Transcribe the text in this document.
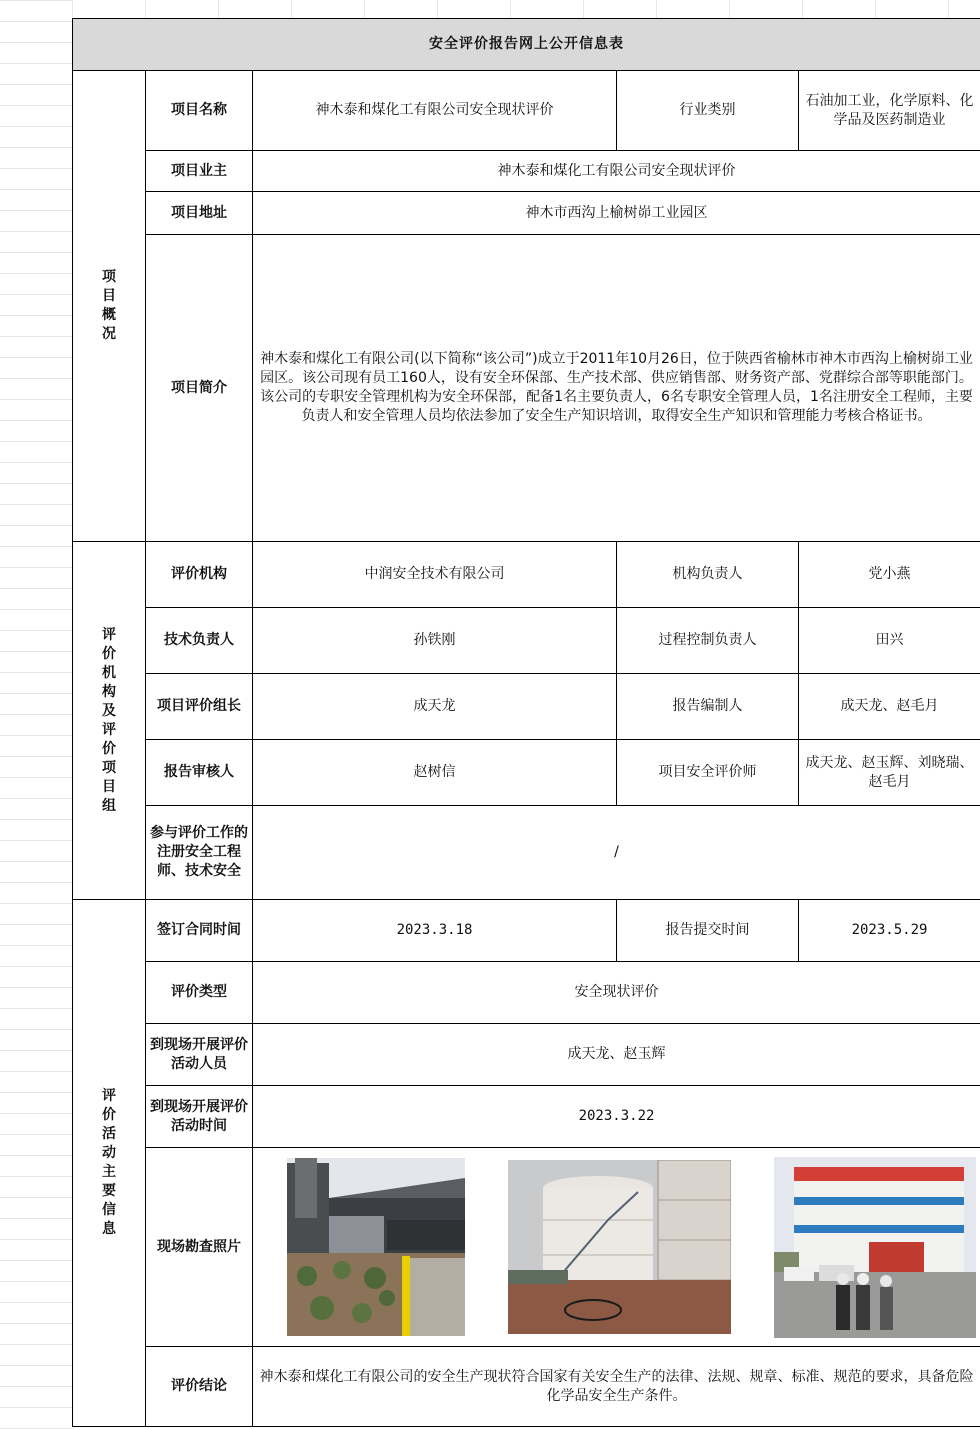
安全评价报告网上公开信息表				
项目概况	项目名称	神木泰和煤化工有限公司安全现状评价	行业类别	石油加工业，化学原料、化学品及医药制造业
	项目业主	神木泰和煤化工有限公司安全现状评价		
	项目地址	神木市西沟上榆树峁工业园区		
	项目简介	神木泰和煤化工有限公司(以下简称“该公司”)成立于2011年10月26日，位于陕西省榆林市神木市西沟上榆树峁工业园区。该公司现有员工160人，设有安全环保部、生产技术部、供应销售部、财务资产部、党群综合部等职能部门。该公司的专职安全管理机构为安全环保部，配备1名主要负责人，6名专职安全管理人员，1名注册安全工程师，主要负责人和安全管理人员均依法参加了安全生产知识培训，取得安全生产知识和管理能力考核合格证书。		
评价机构及评价项目组	评价机构	中润安全技术有限公司	机构负责人	党小燕
	技术负责人	孙铁刚	过程控制负责人	田兴
	项目评价组长	成天龙	报告编制人	成天龙、赵毛月
	报告审核人	赵树信	项目安全评价师	成天龙、赵玉辉、刘晓瑞、赵毛月
	参与评价工作的注册安全工程师、技术安全	/		
评价活动主要信息	签订合同时间	2023.3.18	报告提交时间	2023.5.29
	评价类型	安全现状评价		
	到现场开展评价活动人员	成天龙、赵玉辉		
	到现场开展评价活动时间	2023.3.22		
	现场勘查照片	

	评价结论	神木泰和煤化工有限公司的安全生产现状符合国家有关安全生产的法律、法规、规章、标准、规范的要求，具备危险化学品安全生产条件。		
